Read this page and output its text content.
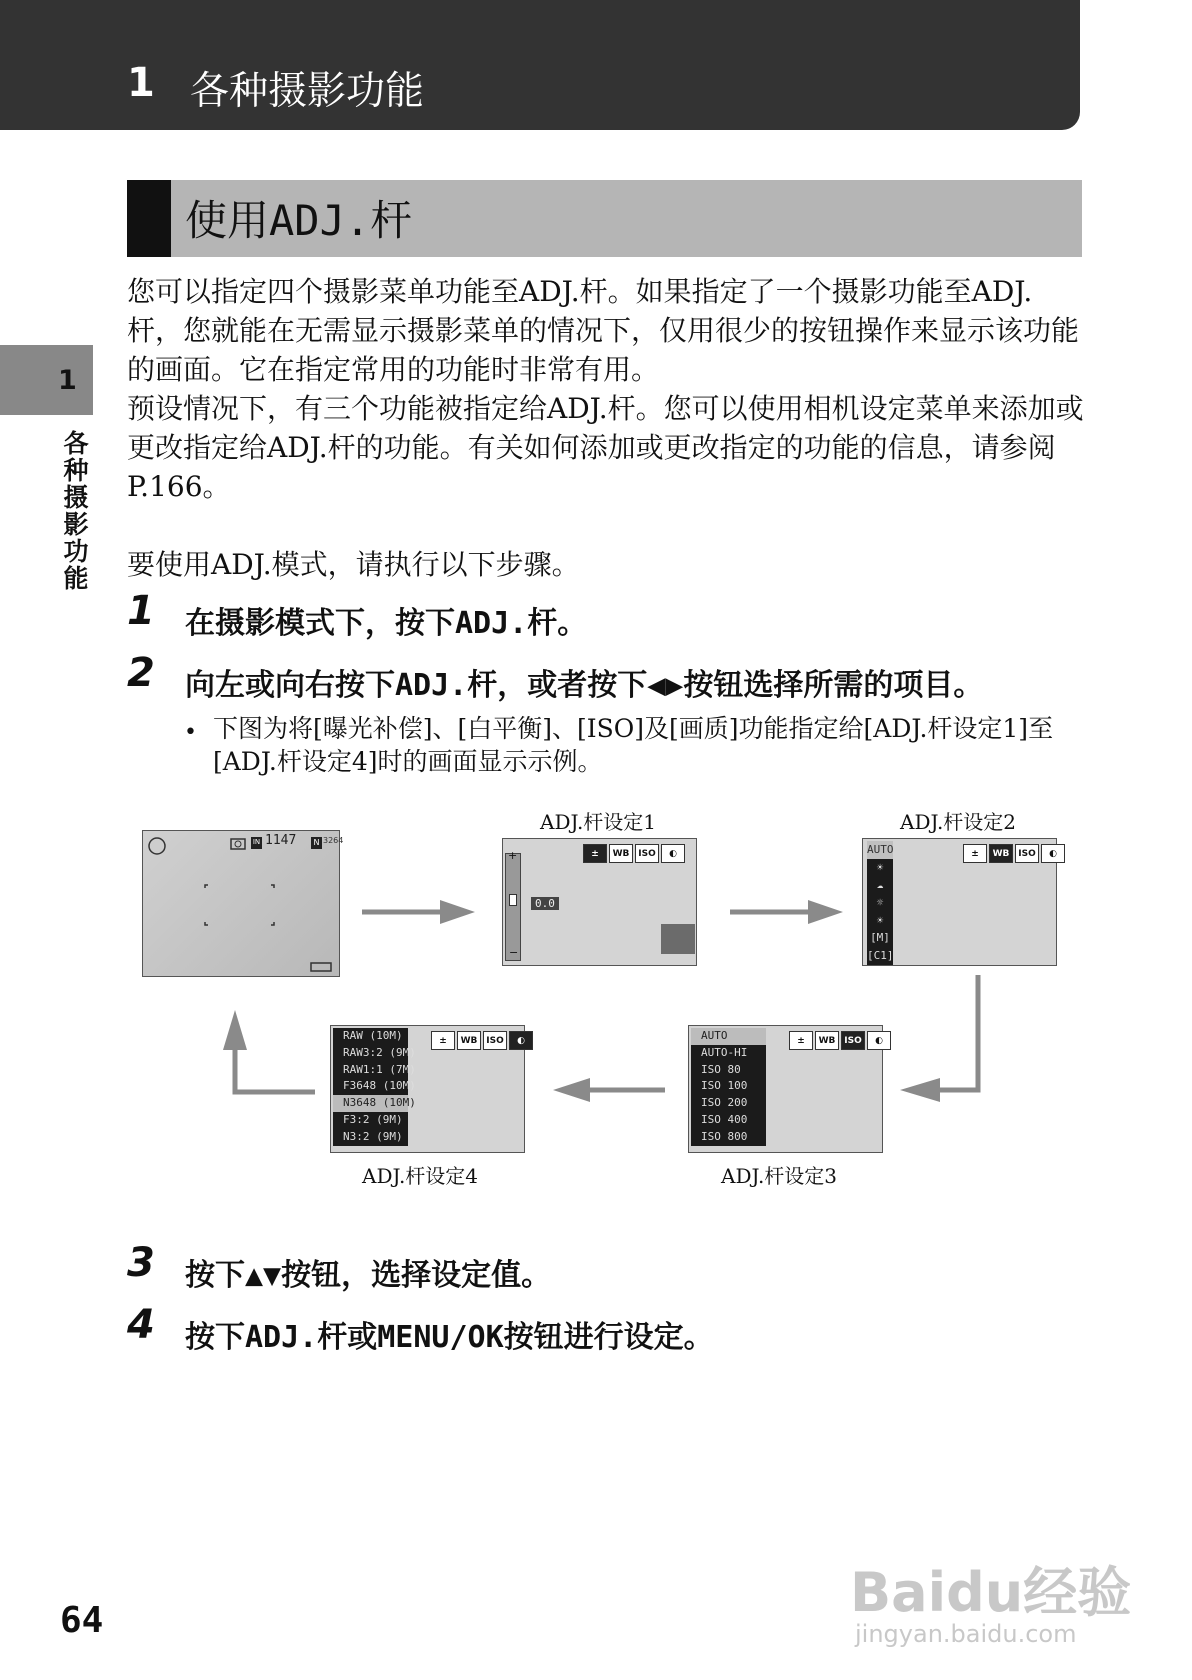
1 各种摄影功能
1
各种摄影功能
使用ADJ.杆

您可以指定四个摄影菜单功能至ADJ.杆。如果指定了一个摄影功能至ADJ.杆，您就能在无需显示摄影菜单的情况下，仅用很少的按钮操作来显示该功能的画面。它在指定常用的功能时非常有用。

预设情况下，有三个功能被指定给ADJ.杆。您可以使用相机设定菜单来添加或更改指定给ADJ.杆的功能。有关如何添加或更改指定的功能的信息，请参阅P.166。

要使用ADJ.模式，请执行以下步骤。

1 在摄影模式下，按下ADJ.杆。
2 向左或向右按下ADJ.杆，或者按下◀▶按钮选择所需的项目。
• 下图为将[曝光补偿]、[白平衡]、[ISO]及[画质]功能指定给[ADJ.杆设定1]至[ADJ.杆设定4]时的画面显示示例。

ADJ.杆设定1	ADJ.杆设定2
ADJ.杆设定4	ADJ.杆设定3
1147
IN	N 3264
+
−
0.0
±	WB ISO	◐	AUTO
☀
☁
☼
☀
[M]
[C1]
±	WB ISO	◐
RAW (10M)
RAW3:2 (9M)
RAW1:1 (7M)
F3648 (10M)
N3648 (10M)
F3:2 (9M)
N3:2 (9M)
±	WB ISO	◐	AUTO
AUTO-HI
ISO 80
ISO 100
ISO 200
ISO 400
ISO 800
±	WB ISO	◐
3 按下▲▼按钮，选择设定值。
4 按下ADJ.杆或MENU/OK按钮进行设定。
Baidu经验
jingyan.baidu.com
64
